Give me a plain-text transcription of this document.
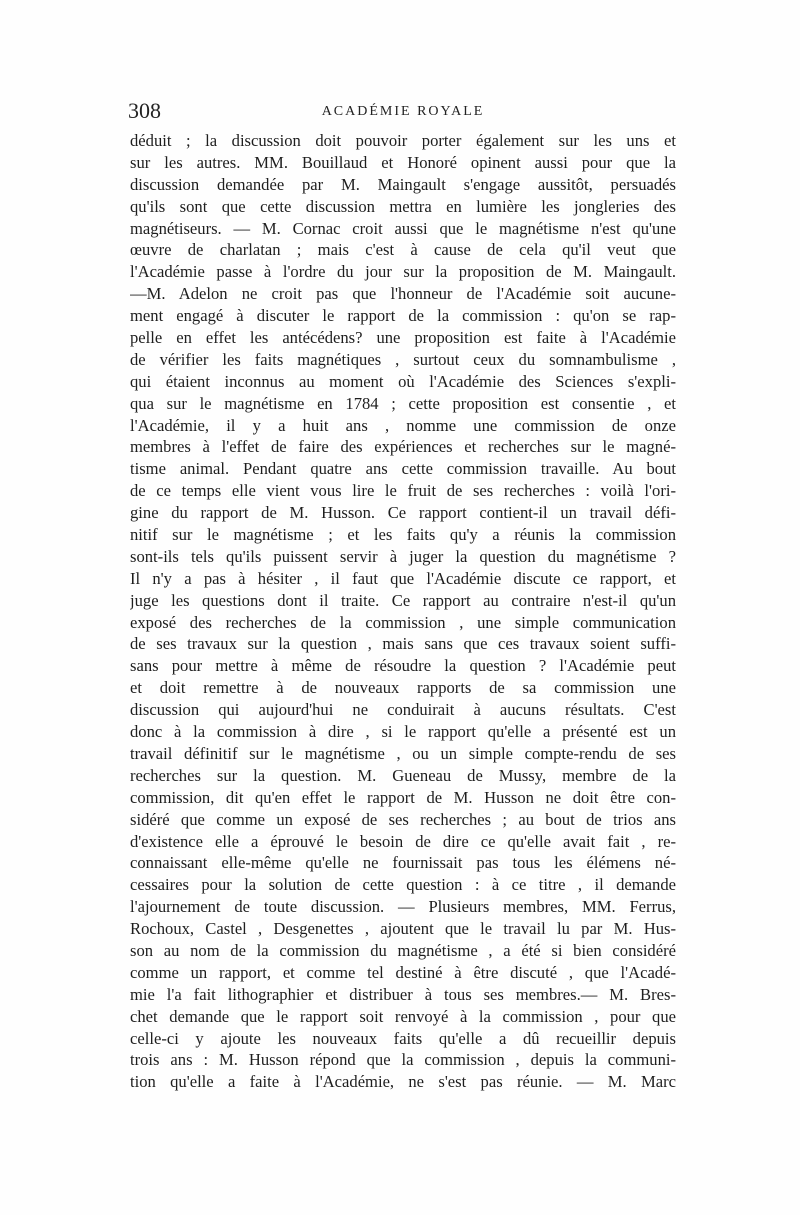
308	ACADÉMIE ROYALE
déduit ; la discussion doit pouvoir porter également sur les uns et
sur les autres. MM. Bouillaud et Honoré opinent aussi pour que la
discussion demandée par M. Maingault s'engage aussitôt, persuadés
qu'ils sont que cette discussion mettra en lumière les jongleries des
magnétiseurs. — M. Cornac croit aussi que le magnétisme n'est qu'une
œuvre de charlatan ; mais c'est à cause de cela qu'il veut que
l'Académie passe à l'ordre du jour sur la proposition de M. Maingault.
—M. Adelon ne croit pas que l'honneur de l'Académie soit aucune-
ment engagé à discuter le rapport de la commission : qu'on se rap-
pelle en effet les antécédens? une proposition est faite à l'Académie
de vérifier les faits magnétiques , surtout ceux du somnambulisme ,
qui étaient inconnus au moment où l'Académie des Sciences s'expli-
qua sur le magnétisme en 1784 ; cette proposition est consentie , et
l'Académie, il y a huit ans , nomme une commission de onze
membres à l'effet de faire des expériences et recherches sur le magné-
tisme animal. Pendant quatre ans cette commission travaille. Au bout
de ce temps elle vient vous lire le fruit de ses recherches : voilà l'ori-
gine du rapport de M. Husson. Ce rapport contient-il un travail défi-
nitif sur le magnétisme ; et les faits qu'y a réunis la commission
sont-ils tels qu'ils puissent servir à juger la question du magnétisme ?
Il n'y a pas à hésiter , il faut que l'Académie discute ce rapport, et
juge les questions dont il traite. Ce rapport au contraire n'est-il qu'un
exposé des recherches de la commission , une simple communication
de ses travaux sur la question , mais sans que ces travaux soient suffi-
sans pour mettre à même de résoudre la question ? l'Académie peut
et doit remettre à de nouveaux rapports de sa commission une
discussion qui aujourd'hui ne conduirait à aucuns résultats. C'est
donc à la commission à dire , si le rapport qu'elle a présenté est un
travail définitif sur le magnétisme , ou un simple compte-rendu de ses
recherches sur la question. M. Gueneau de Mussy, membre de la
commission, dit qu'en effet le rapport de M. Husson ne doit être con-
sidéré que comme un exposé de ses recherches ; au bout de trios ans
d'existence elle a éprouvé le besoin de dire ce qu'elle avait fait , re-
connaissant elle-même qu'elle ne fournissait pas tous les élémens né-
cessaires pour la solution de cette question : à ce titre , il demande
l'ajournement de toute discussion. — Plusieurs membres, MM. Ferrus,
Rochoux, Castel , Desgenettes , ajoutent que le travail lu par M. Hus-
son au nom de la commission du magnétisme , a été si bien considéré
comme un rapport, et comme tel destiné à être discuté , que l'Acadé-
mie l'a fait lithographier et distribuer à tous ses membres.— M. Bres-
chet demande que le rapport soit renvoyé à la commission , pour que
celle-ci y ajoute les nouveaux faits qu'elle a dû recueillir depuis
trois ans : M. Husson répond que la commission , depuis la communi-
tion qu'elle a faite à l'Académie, ne s'est pas réunie. — M. Marc
